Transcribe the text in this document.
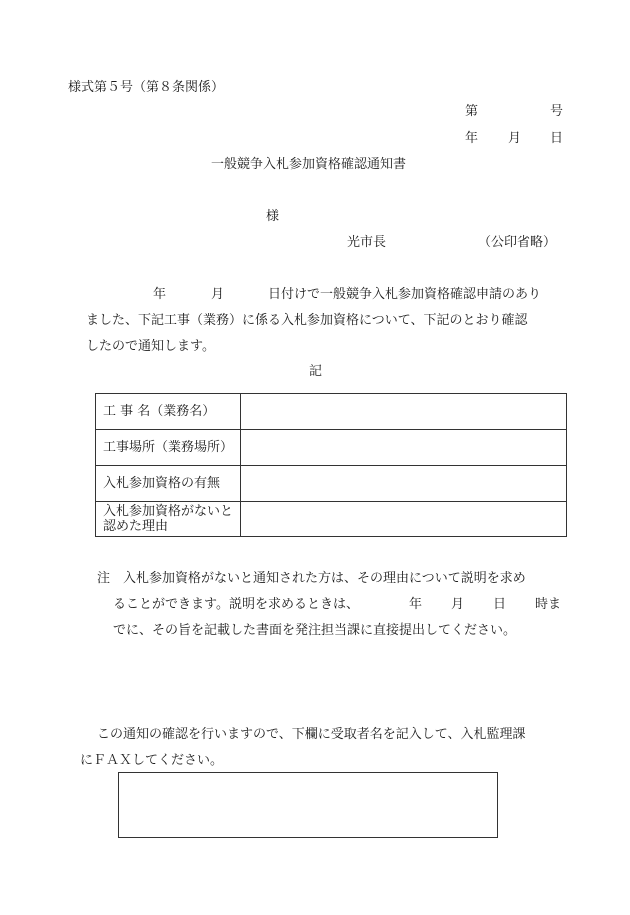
様式第５号（第８条関係）
第	号
年 月 日
一般競争入札参加資格確認通知書
様
光市長	（公印省略）
年	月	日付けで一般競争入札参加資格確認申請のあり
ました、下記工事（業務）に係る入札参加資格について、下記のとおり確認
したので通知します。
記
工 事 名（業務名）	
工事場所（業務場所）	
入札参加資格の有無	
入札参加資格がないと認めた理由	
注　入札参加資格がないと通知された方は、その理由について説明を求め
ることができます。説明を求めるときは、	年 月 日 時ま
でに、その旨を記載した書面を発注担当課に直接提出してください。
この通知の確認を行いますので、下欄に受取者名を記入して、入札監理課
にＦＡＸしてください。
